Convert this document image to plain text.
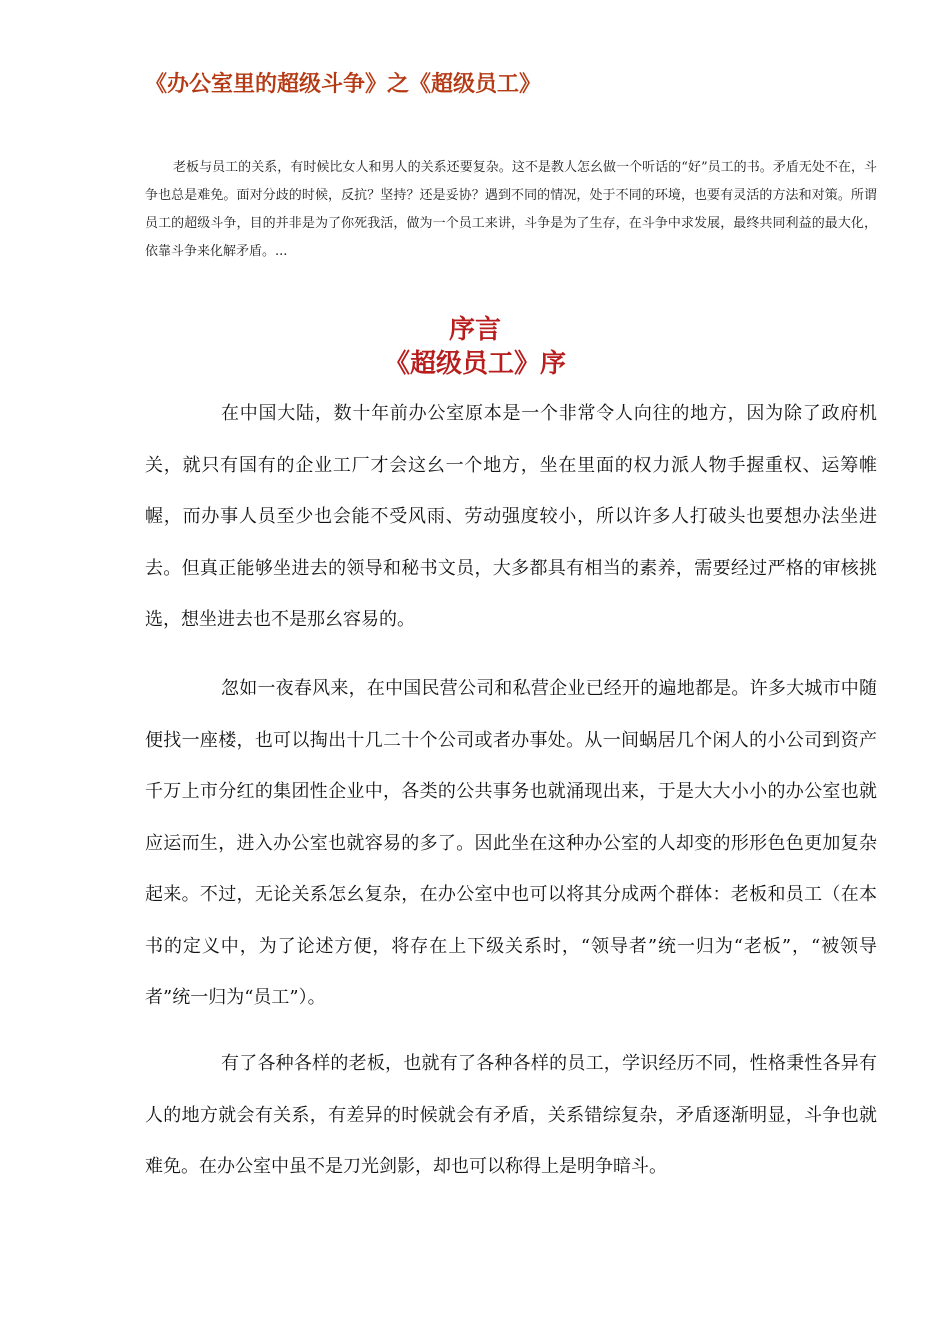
《办公室里的超级斗争》之《超级员工》

老板与员工的关系，有时候比女人和男人的关系还要复杂。这不是教人怎幺做一个听话的“好”员工的书。矛盾无处不在，斗争也总是难免。面对分歧的时候，反抗？坚持？还是妥协？遇到不同的情况，处于不同的环境，也要有灵活的方法和对策。所谓员工的超级斗争，目的并非是为了你死我活，做为一个员工来讲，斗争是为了生存，在斗争中求发展，最终共同利益的最大化，依靠斗争来化解矛盾。...

序言
《超级员工》序

在中国大陆，数十年前办公室原本是一个非常令人向往的地方，因为除了政府机关，就只有国有的企业工厂才会这幺一个地方，坐在里面的权力派人物手握重权、运筹帷幄，而办事人员至少也会能不受风雨、劳动强度较小，所以许多人打破头也要想办法坐进去。但真正能够坐进去的领导和秘书文员，大多都具有相当的素养，需要经过严格的审核挑选，想坐进去也不是那幺容易的。

忽如一夜春风来，在中国民营公司和私营企业已经开的遍地都是。许多大城市中随便找一座楼，也可以掏出十几二十个公司或者办事处。从一间蜗居几个闲人的小公司到资产千万上市分红的集团性企业中，各类的公共事务也就涌现出来，于是大大小小的办公室也就应运而生，进入办公室也就容易的多了。因此坐在这种办公室的人却变的形形色色更加复杂起来。不过，无论关系怎幺复杂，在办公室中也可以将其分成两个群体：老板和员工（在本书的定义中，为了论述方便，将存在上下级关系时，“领导者”统一归为“老板”，“被领导者”统一归为“员工”）。

有了各种各样的老板，也就有了各种各样的员工，学识经历不同，性格秉性各异有人的地方就会有关系，有差异的时候就会有矛盾，关系错综复杂，矛盾逐渐明显，斗争也就难免。在办公室中虽不是刀光剑影，却也可以称得上是明争暗斗。
